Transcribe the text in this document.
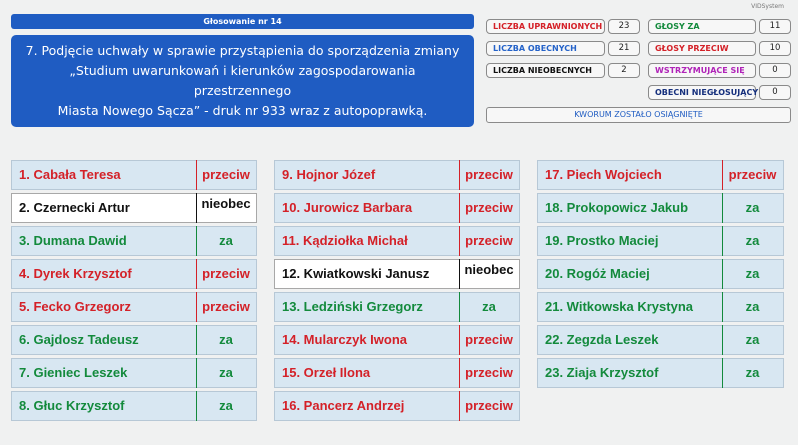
VIDSystem
Głosowanie nr 14
7. Podjęcie uchwały w sprawie przystąpienia do sporządzenia zmiany
„Studium uwarunkowań i kierunków zagospodarowania przestrzennego
Miasta Nowego Sącza” - druk nr 933 wraz z autopoprawką.
LICZBA UPRAWNIONYCH	23
LICZBA OBECNYCH	21
LICZBA NIEOBECNYCH	2
GŁOSY ZA	11
GŁOSY PRZECIW	10
WSTRZYMUJĄCE SIĘ	0
OBECNI NIEGŁOSUJĄCY	0
KWORUM ZOSTAŁO OSIĄGNIĘTE
1. Cabała Teresa	przeciw
2. Czernecki Artur	nieobec
3. Dumana Dawid	za
4. Dyrek Krzysztof	przeciw
5. Fecko Grzegorz	przeciw
6. Gajdosz Tadeusz	za
7. Gieniec Leszek	za
8. Głuc Krzysztof	za
9. Hojnor Józef	przeciw
10. Jurowicz Barbara	przeciw
11. Kądziołka Michał	przeciw
12. Kwiatkowski Janusz	nieobec
13. Ledziński Grzegorz	za
14. Mularczyk Iwona	przeciw
15. Orzeł Ilona	przeciw
16. Pancerz Andrzej	przeciw
17. Piech Wojciech	przeciw
18. Prokopowicz Jakub	za
19. Prostko Maciej	za
20. Rogóż Maciej	za
21. Witkowska Krystyna	za
22. Zegzda Leszek	za
23. Ziaja Krzysztof	za
